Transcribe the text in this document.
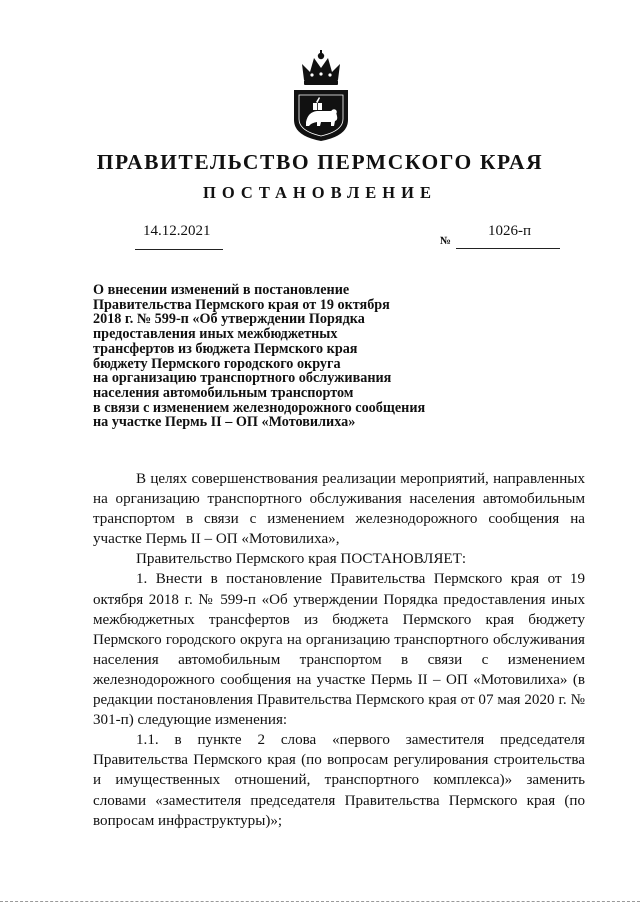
ПРАВИТЕЛЬСТВО ПЕРМСКОГО КРАЯ
ПОСТАНОВЛЕНИЕ
14.12.2021
№
1026-п
О внесении изменений в постановление
Правительства Пермского края от 19 октября
2018 г. № 599-п «Об утверждении Порядка
предоставления иных межбюджетных
трансфертов из бюджета Пермского края
бюджету Пермского городского округа
на организацию транспортного обслуживания
населения автомобильным транспортом
в связи с изменением железнодорожного сообщения
на участке Пермь II – ОП «Мотовилиха»

В целях совершенствования реализации мероприятий, направленных на организацию транспортного обслуживания населения автомобильным транспортом в связи с изменением железнодорожного сообщения на участке Пермь II – ОП «Мотовилиха»,

Правительство Пермского края ПОСТАНОВЛЯЕТ:

1. Внести в постановление Правительства Пермского края от 19 октября 2018 г. № 599-п «Об утверждении Порядка предоставления иных межбюджетных трансфертов из бюджета Пермского края бюджету Пермского городского округа на организацию транспортного обслуживания населения автомобильным транспортом в связи с изменением железнодорожного сообщения на участке Пермь II – ОП «Мотовилиха» (в редакции постановления Правительства Пермского края от 07 мая 2020 г. № 301-п) следующие изменения:

1.1. в пункте 2 слова «первого заместителя председателя Правительства Пермского края (по вопросам регулирования строительства и имущественных отношений, транспортного комплекса)» заменить словами «заместителя председателя Правительства Пермского края (по вопросам инфраструктуры)»;
